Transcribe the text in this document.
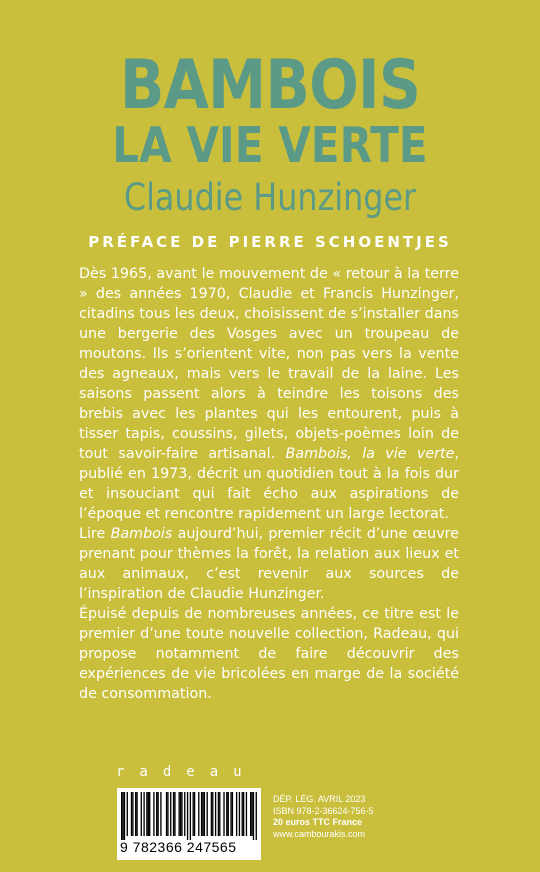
BAMBOIS
LA VIE VERTE
Claudie Hunzinger
PRÉFACE DE PIERRE SCHOENTJES

Dès 1965, avant le mouvement de « retour à la terre » des années 1970, Claudie et Francis Hunzinger, citadins tous les deux, choisissent de s’installer dans une bergerie des Vosges avec un troupeau de moutons. Ils s’orientent vite, non pas vers la vente des agneaux, mais vers le travail de la laine. Les saisons passent alors à teindre les toisons des brebis avec les plantes qui les entourent, puis à tisser tapis, coussins, gilets, objets-poèmes loin de tout savoir-faire artisanal. Bambois, la vie verte, publié en 1973, décrit un quotidien tout à la fois dur et insouciant qui fait écho aux aspirations de l’époque et rencontre rapidement un large lectorat.

Lire Bambois aujourd’hui, premier récit d’une œuvre prenant pour thèmes la forêt, la relation aux lieux et aux animaux, c’est revenir aux sources de l’inspiration de Claudie Hunzinger.

Épuisé depuis de nombreuses années, ce titre est le premier d’une toute nouvelle collection, Radeau, qui propose notamment de faire découvrir des expériences de vie bricolées en marge de la société de consommation.

radeau
9 782366 247565
DÉP. LÉG. AVRIL 2023
ISBN 978-2-36624-756-5
20 euros TTC France
www.cambourakis.com
